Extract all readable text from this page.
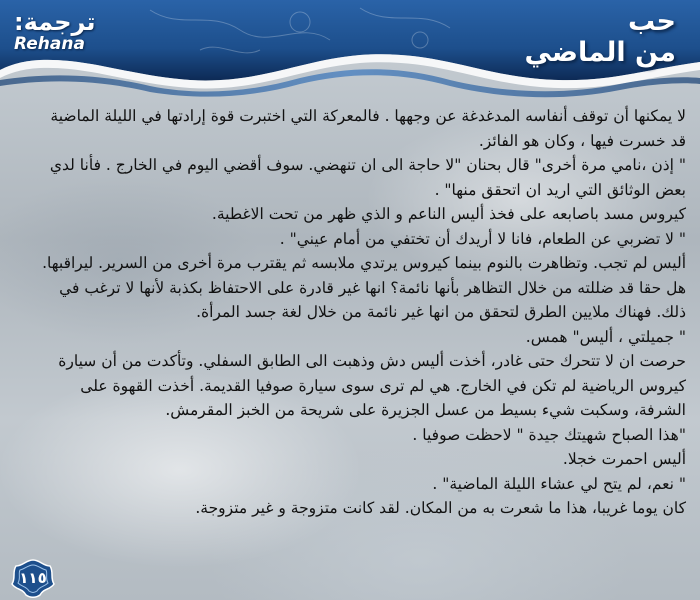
ترجمة:
Rehana
حب
من الماضي

لا يمكنها أن توقف أنفاسه المدغدغة عن وجهها . فالمعركة التي اختبرت قوة إرادتها في الليلة الماضية قد خسرت فيها ، وكان هو الفائز.

" إذن ،نامي مرة أخرى" قال بحنان "لا حاجة الى ان تنهضي. سوف أقضي اليوم في الخارج . فأنا لدي بعض الوثائق التي اريد ان اتحقق منها" .

كيروس مسد باصابعه على فخذ أليس الناعم و الذي ظهر من تحت الاغطية.

" لا تضربي عن الطعام، فانا لا أريدك أن تختفي من أمام عيني" .

أليس لم تجب. وتظاهرت بالنوم بينما كيروس يرتدي ملابسه ثم يقترب مرة أخرى من السرير. ليراقبها. هل حقا قد ضللته من خلال التظاهر بأنها نائمة؟ انها غير قادرة على الاحتفاظ بكذبة لأنها لا ترغب في ذلك. فهناك ملايين الطرق لتحقق من انها غير نائمة من خلال لغة جسد المرأة.

" جميلتي ، أليس" همس.

حرصت ان لا تتحرك حتى غادر، أخذت أليس دش وذهبت الى الطابق السفلي. وتأكدت من أن سيارة كيروس الرياضية لم تكن في الخارج. هي لم ترى سوى سيارة صوفيا القديمة. أخذت القهوة على الشرفة، وسكبت شيء بسيط من عسل الجزيرة على شريحة من الخبز المقرمش.

"هذا الصباح شهيتك جيدة " لاحظت صوفيا .

أليس احمرت خجلا.

" نعم، لم يتح لي عشاء الليلة الماضية" .

كان يوما غريبا، هذا ما شعرت به من المكان. لقد كانت متزوجة و غير متزوجة.

١١٥
